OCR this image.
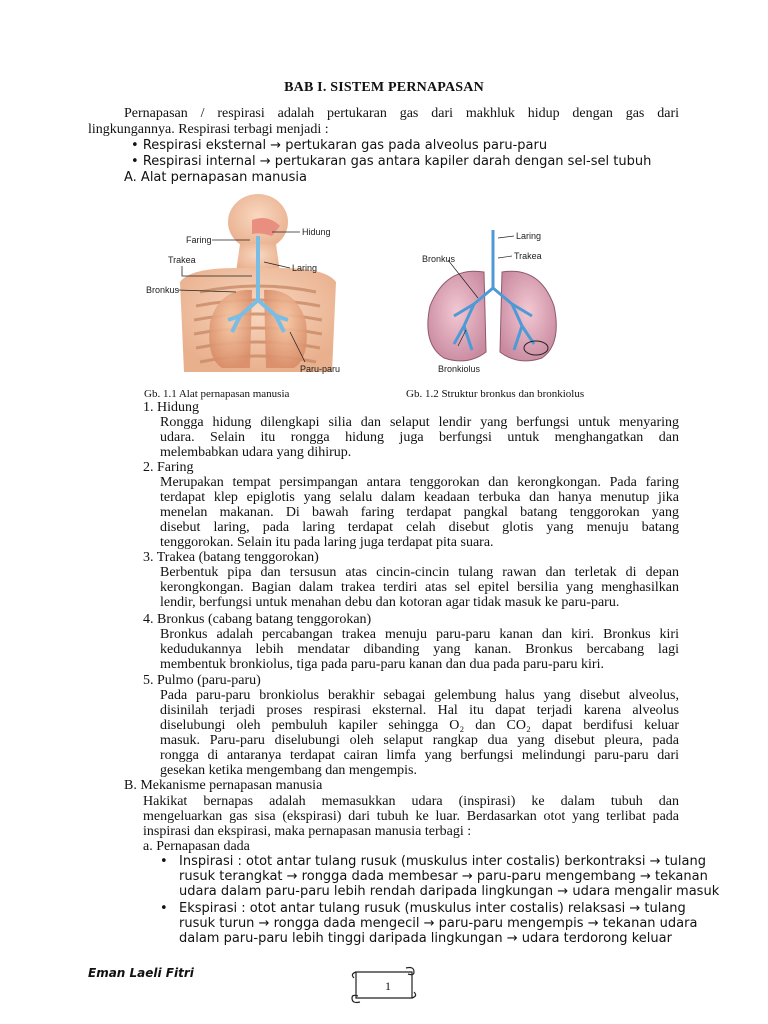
BAB I. SISTEM PERNAPASAN
Pernapasan / respirasi adalah pertukaran gas dari makhluk hidup dengan gas dari
lingkungannya. Respirasi terbagi menjadi :
• Respirasi eksternal → pertukaran gas pada alveolus paru-paru
• Respirasi internal → pertukaran gas antara kapiler darah dengan sel-sel tubuh
A. Alat pernapasan manusia
Hidung
Faring
Trakea
Laring
Bronkus
Paru-paru
Laring
Trakea
Bronkus
Bronkiolus
Gb. 1.1 Alat pernapasan manusia	Gb. 1.2 Struktur bronkus dan bronkiolus
1. Hidung
Rongga hidung dilengkapi silia dan selaput lendir yang berfungsi untuk menyaring
udara. Selain itu rongga hidung juga berfungsi untuk menghangatkan dan
melembabkan udara yang dihirup.
2. Faring
Merupakan tempat persimpangan antara tenggorokan dan kerongkongan. Pada faring
terdapat klep epiglotis yang selalu dalam keadaan terbuka dan hanya menutup jika
menelan makanan. Di bawah faring terdapat pangkal batang tenggorokan yang
disebut laring, pada laring terdapat celah disebut glotis yang menuju batang
tenggorokan. Selain itu pada laring juga terdapat pita suara.
3. Trakea (batang tenggorokan)
Berbentuk pipa dan tersusun atas cincin-cincin tulang rawan dan terletak di depan
kerongkongan. Bagian dalam trakea terdiri atas sel epitel bersilia yang menghasilkan
lendir, berfungsi untuk menahan debu dan kotoran agar tidak masuk ke paru-paru.
4. Bronkus (cabang batang tenggorokan)
Bronkus adalah percabangan trakea menuju paru-paru kanan dan kiri. Bronkus kiri
kedudukannya lebih mendatar dibanding yang kanan. Bronkus bercabang lagi
membentuk bronkiolus, tiga pada paru-paru kanan dan dua pada paru-paru kiri.
5. Pulmo (paru-paru)
Pada paru-paru bronkiolus berakhir sebagai gelembung halus yang disebut alveolus,
disinilah terjadi proses respirasi eksternal. Hal itu dapat terjadi karena alveolus
diselubungi oleh pembuluh kapiler sehingga O₂ dan CO₂ dapat berdifusi keluar
masuk. Paru-paru diselubungi oleh selaput rangkap dua yang disebut pleura, pada
rongga di antaranya terdapat cairan limfa yang berfungsi melindungi paru-paru dari
gesekan ketika mengembang dan mengempis.
B. Mekanisme pernapasan manusia
Hakikat bernapas adalah memasukkan udara (inspirasi) ke dalam tubuh dan
mengeluarkan gas sisa (ekspirasi) dari tubuh ke luar. Berdasarkan otot yang terlibat pada
inspirasi dan ekspirasi, maka pernapasan manusia terbagi :
a. Pernapasan dada
• Inspirasi : otot antar tulang rusuk (muskulus inter costalis) berkontraksi → tulang
rusuk terangkat → rongga dada membesar → paru-paru mengembang → tekanan
udara dalam paru-paru lebih rendah daripada lingkungan → udara mengalir masuk
• Ekspirasi : otot antar tulang rusuk (muskulus inter costalis) relaksasi → tulang
rusuk turun → rongga dada mengecil → paru-paru mengempis → tekanan udara
dalam paru-paru lebih tinggi daripada lingkungan → udara terdorong keluar
Eman Laeli Fitri
1
